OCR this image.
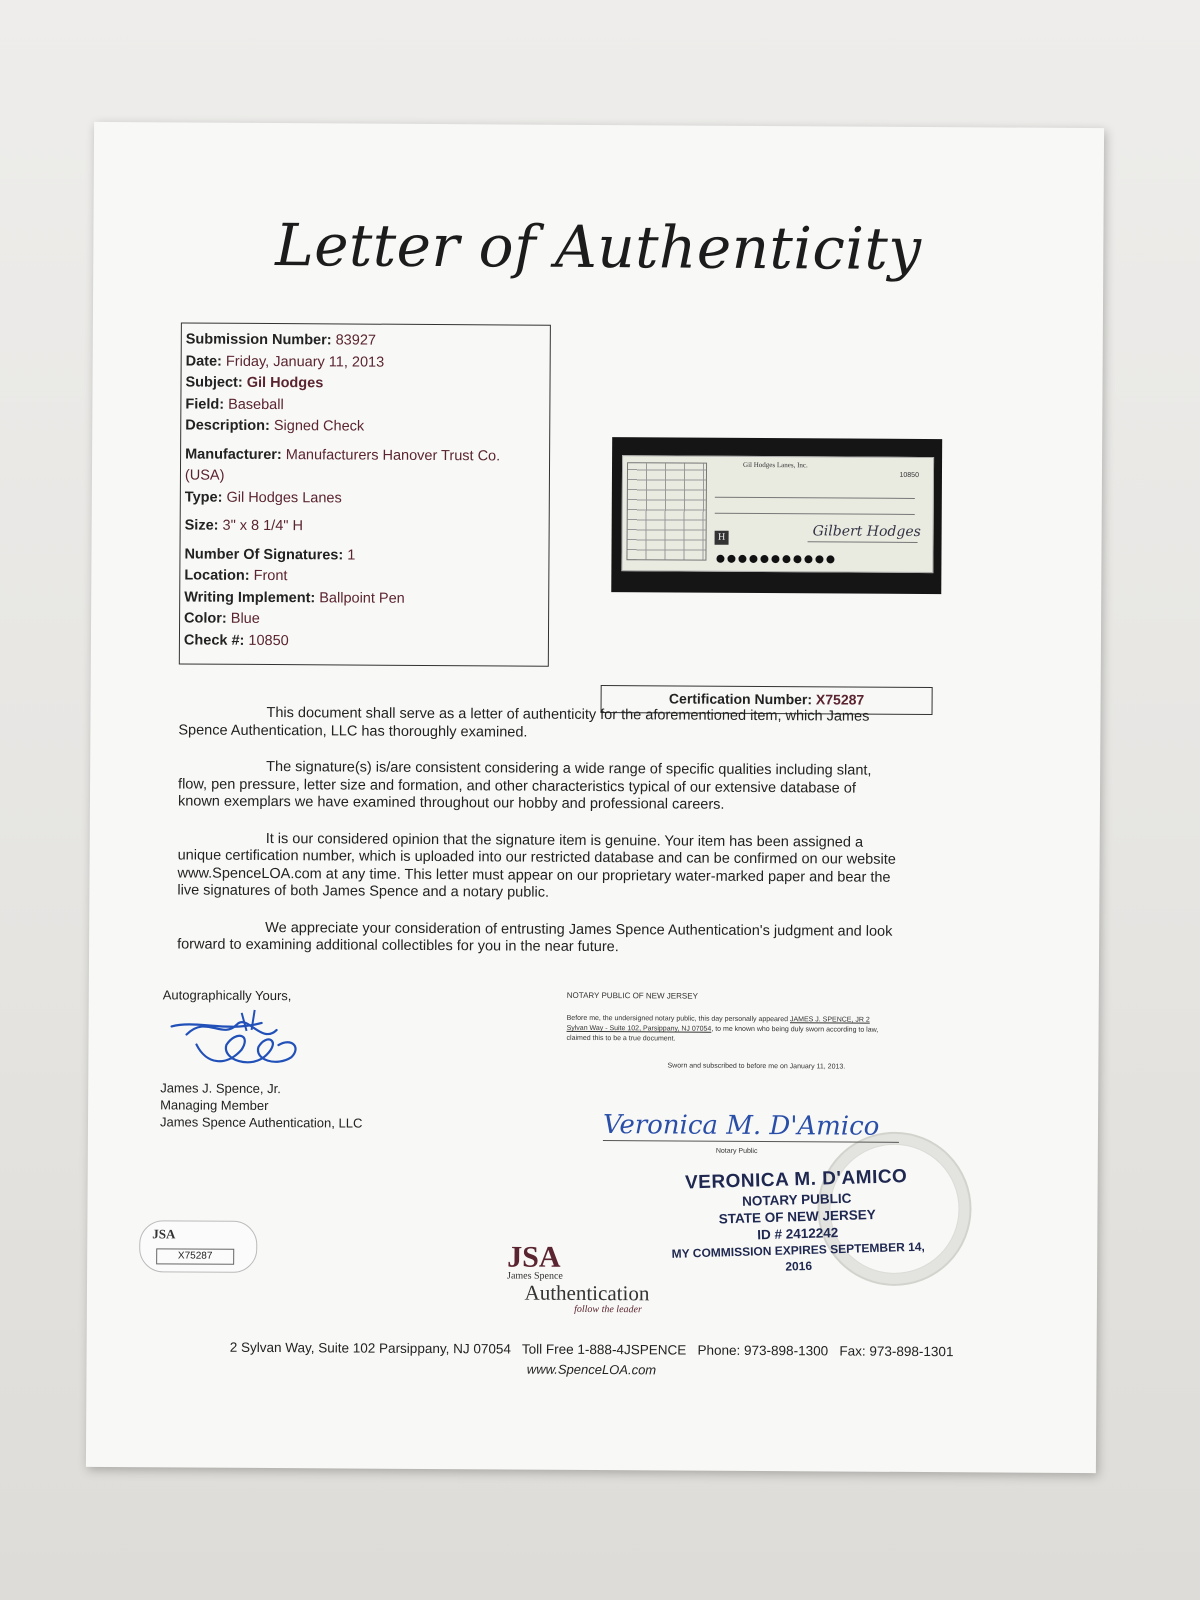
Letter of Authenticity
Submission Number: 83927
Date: Friday, January 11, 2013
Subject: Gil Hodges
Field: Baseball
Description: Signed Check
Manufacturer: Manufacturers Hanover Trust Co. (USA)
Type: Gil Hodges Lanes
Size: 3" x 8 1/4" H
Number Of Signatures: 1
Location: Front
Writing Implement: Ballpoint Pen
Color: Blue
Check #: 10850
Gil Hodges Lanes, Inc.
10850
H	Gilbert Hodges
Certification Number: X75287

This document shall serve as a letter of authenticity for the aforementioned item, which James Spence Authentication, LLC has thoroughly examined.

The signature(s) is/are consistent considering a wide range of specific qualities including slant, flow, pen pressure, letter size and formation, and other characteristics typical of our extensive database of known exemplars we have examined throughout our hobby and professional careers.

It is our considered opinion that the signature item is genuine. Your item has been assigned a unique certification number, which is uploaded into our restricted database and can be confirmed on our website www.SpenceLOA.com at any time. This letter must appear on our proprietary water-marked paper and bear the live signatures of both James Spence and a notary public.

We appreciate your consideration of entrusting James Spence Authentication's judgment and look forward to examining additional collectibles for you in the near future.

Autographically Yours,
James J. Spence, Jr.
Managing Member
James Spence Authentication, LLC
NOTARY PUBLIC OF NEW JERSEY
Before me, the undersigned notary public, this day personally appeared JAMES J. SPENCE, JR 2 Sylvan Way - Suite 102, Parsippany, NJ 07054, to me known who being duly sworn according to law, claimed this to be a true document.
Sworn and subscribed to before me on January 11, 2013.
Veronica M. D'Amico
Notary Public
VERONICA M. D'AMICO
NOTARY PUBLIC
STATE OF NEW JERSEY
ID # 2412242
MY COMMISSION EXPIRES SEPTEMBER 14, 2016
JSA
X75287	JSA
James Spence
Authentication
follow the leader
2 Sylvan Way, Suite 102 Parsippany, NJ 07054 Toll Free 1-888-4JSPENCE Phone: 973-898-1300 Fax: 973-898-1301
www.SpenceLOA.com
